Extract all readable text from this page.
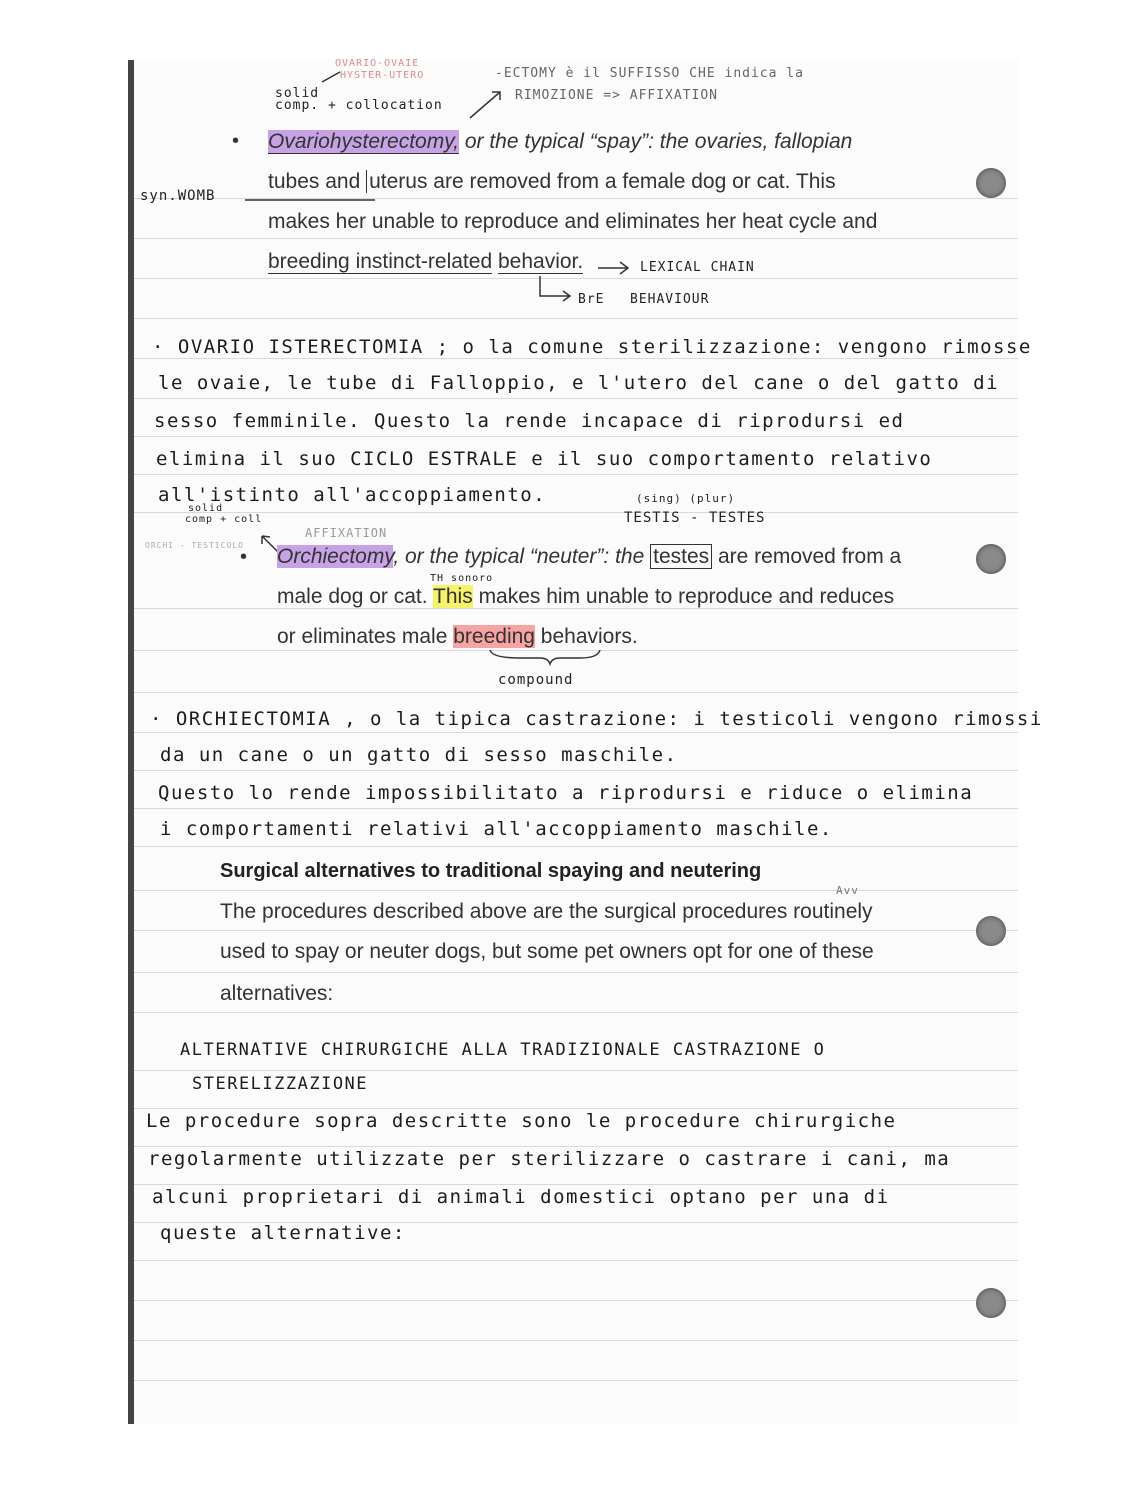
OVARIO-OVAIE
HYSTER-UTERO
solid
comp. + collocation
-ECTOMY è il SUFFISSO CHE indica la
RIMOZIONE => AFFIXATION
syn.WOMB
• Ovariohysterectomy, or the typical “spay”: the ovaries, fallopian
tubes and uterus are removed from a female dog or cat. This
makes her unable to reproduce and eliminates her heat cycle and
breeding instinct-related behavior.	LEXICAL CHAIN
BrE BEHAVIOUR
· OVARIO ISTERECTOMIA ; o la comune sterilizzazione: vengono rimosse
le ovaie, le tube di Falloppio, e l'utero del cane o del gatto di
sesso femminile. Questo la rende incapace di riprodursi ed
elimina il suo CICLO ESTRALE e il suo comportamento relativo
all'istinto all'accoppiamento.	(sing) (plur)
TESTIS - TESTES
solid
comp + coll
AFFIXATION
ORCHI - TESTICOLO
• Orchiectomy, or the typical “neuter”: the testes are removed from a
TH sonoro
male dog or cat. This makes him unable to reproduce and reduces
or eliminates male breeding behaviors.
compound
· ORCHIECTOMIA , o la tipica castrazione: i testicoli vengono rimossi
da un cane o un gatto di sesso maschile.
Questo lo rende impossibilitato a riprodursi e riduce o elimina
i comportamenti relativi all'accoppiamento maschile.
Surgical alternatives to traditional spaying and neutering
Avv
The procedures described above are the surgical procedures routinely
used to spay or neuter dogs, but some pet owners opt for one of these
alternatives:
ALTERNATIVE CHIRURGICHE ALLA TRADIZIONALE CASTRAZIONE O
STERELIZZAZIONE
Le procedure sopra descritte sono le procedure chirurgiche
regolarmente utilizzate per sterilizzare o castrare i cani, ma
alcuni proprietari di animali domestici optano per una di
queste alternative:
